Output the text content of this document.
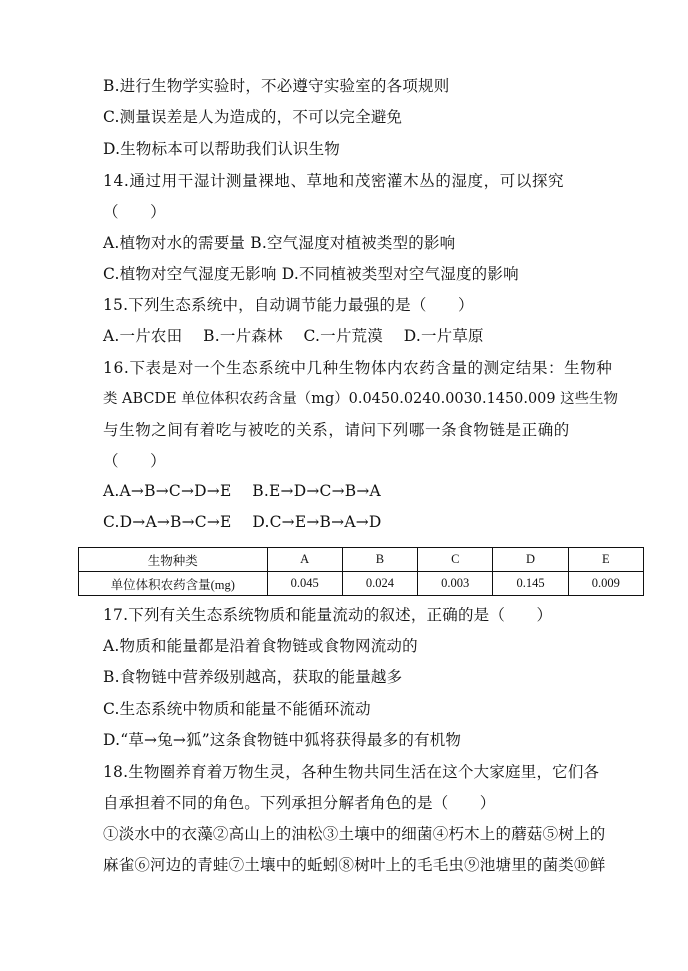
B.进行生物学实验时，不必遵守实验室的各项规则
C.测量误差是人为造成的，不可以完全避免
D.生物标本可以帮助我们认识生物
14.通过用干湿计测量裸地、草地和茂密灌木丛的湿度，可以探究
（　　）
A.植物对水的需要量 B.空气湿度对植被类型的影响
C.植物对空气湿度无影响 D.不同植被类型对空气湿度的影响
15.下列生态系统中，自动调节能力最强的是（　　）
A.一片农田　 B.一片森林　 C.一片荒漠　 D.一片草原
16.下表是对一个生态系统中几种生物体内农药含量的测定结果：生物种
类 ABCDE 单位体积农药含量（mg）0.0450.0240.0030.1450.009 这些生物
与生物之间有着吃与被吃的关系，请问下列哪一条食物链是正确的
（　　）
A.A→B→C→D→E　 B.E→D→C→B→A
C.D→A→B→C→E　 D.C→E→B→A→D
生物种类	A	B	C	D	E
单位体积农药含量(mg)	0.045	0.024	0.003	0.145	0.009
17.下列有关生态系统物质和能量流动的叙述，正确的是（　　）
A.物质和能量都是沿着食物链或食物网流动的
B.食物链中营养级别越高，获取的能量越多
C.生态系统中物质和能量不能循环流动
D.“草→兔→狐”这条食物链中狐将获得最多的有机物
18.生物圈养育着万物生灵，各种生物共同生活在这个大家庭里，它们各
自承担着不同的角色。下列承担分解者角色的是（　　）
①淡水中的衣藻②高山上的油松③土壤中的细菌④朽木上的蘑菇⑤树上的
麻雀⑥河边的青蛙⑦土壤中的蚯蚓⑧树叶上的毛毛虫⑨池塘里的菌类⑩鲜
